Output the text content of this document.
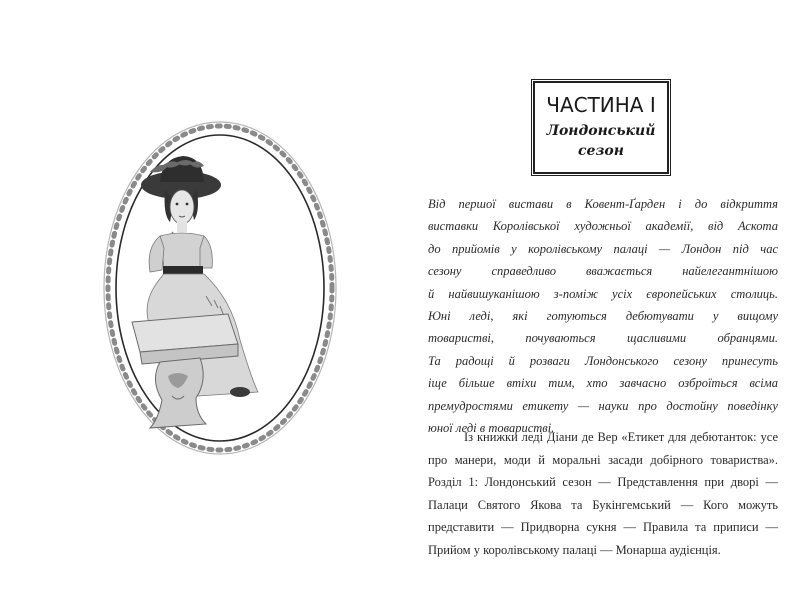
ЧАСТИНА І
Лондонський
сезон
Від першої вистави в Ковент-Ґарден і до відкриття
виставки Королівської художньої академії, від Аскота
до прийомів у королівському палаці — Лондон під час
сезону справедливо вважається найелегантнішою
й найвишуканішою з-поміж усіх європейських столиць.
Юні леді, які готуються дебютувати у вищому
товаристві, почуваються щасливими обранцями.
Та радощі й розваги Лондонського сезону принесуть
іще більше втіхи тим, хто завчасно озброїться всіма
премудростями етикету — науки про достойну поведінку
юної леді в товаристві.
Із книжки леді Діани де Вер «Етикет для дебютанток: усе
про манери, моди й моральні засади добірного товариства».
Розділ 1: Лондонський сезон — Представлення при дворі —
Палаци Святого Якова та Букінгемський — Кого можуть
представити — Придворна сукня — Правила та приписи —
Прийом у королівському палаці — Монарша аудієнція.
